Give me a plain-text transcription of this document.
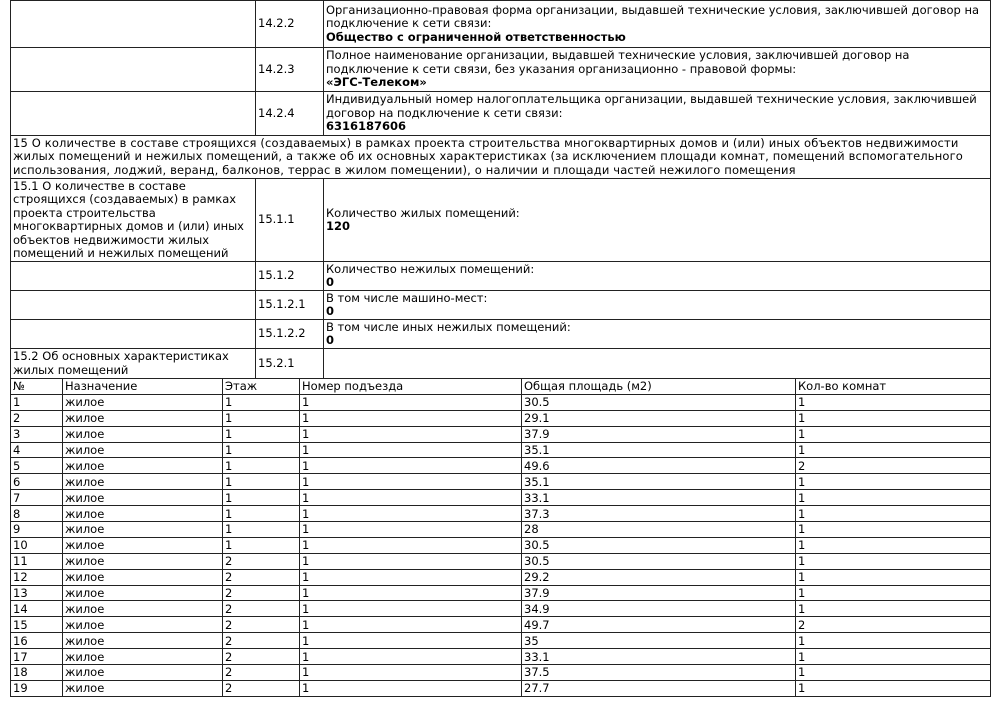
	14.2.2	Организационно-правовая форма организации, выдавшей технические условия, заключившей договор на подключение к сети связи:
Общество с ограниченной ответственностью

	14.2.3	Полное наименование организации, выдавшей технические условия, заключившей договор на подключение к сети связи, без указания организационно - правовой формы:
«ЭГС-Телеком»

	14.2.4	Индивидуальный номер налогоплательщика организации, выдавшей технические условия, заключившей договор на подключение к сети связи:
6316187606

15 О количестве в составе строящихся (создаваемых) в рамках проекта строительства многоквартирных домов и (или) иных объектов недвижимости жилых помещений и нежилых помещений, а также об их основных характеристиках (за исключением площади комнат, помещений вспомогательного использования, лоджий, веранд, балконов, террас в жилом помещении), о наличии и площади частей нежилого помещения		
15.1 О количестве в составе строящихся (создаваемых) в рамках проекта строительства многоквартирных домов и (или) иных объектов недвижимости жилых помещений и нежилых помещений	15.1.1	Количество жилых помещений:
120

	15.1.2	Количество нежилых помещений:
0

	15.1.2.1	В том числе машино-мест:
0

	15.1.2.2	В том числе иных нежилых помещений:
0

15.2 Об основных характеристиках жилых помещений	15.2.1	
№	Назначение	Этаж	Номер подъезда	Общая площадь (м2)	Кол-во комнат
1	жилое	1	1	30.5	1
2	жилое	1	1	29.1	1
3	жилое	1	1	37.9	1
4	жилое	1	1	35.1	1
5	жилое	1	1	49.6	2
6	жилое	1	1	35.1	1
7	жилое	1	1	33.1	1
8	жилое	1	1	37.3	1
9	жилое	1	1	28	1
10	жилое	1	1	30.5	1
11	жилое	2	1	30.5	1
12	жилое	2	1	29.2	1
13	жилое	2	1	37.9	1
14	жилое	2	1	34.9	1
15	жилое	2	1	49.7	2
16	жилое	2	1	35	1
17	жилое	2	1	33.1	1
18	жилое	2	1	37.5	1
19	жилое	2	1	27.7	1
